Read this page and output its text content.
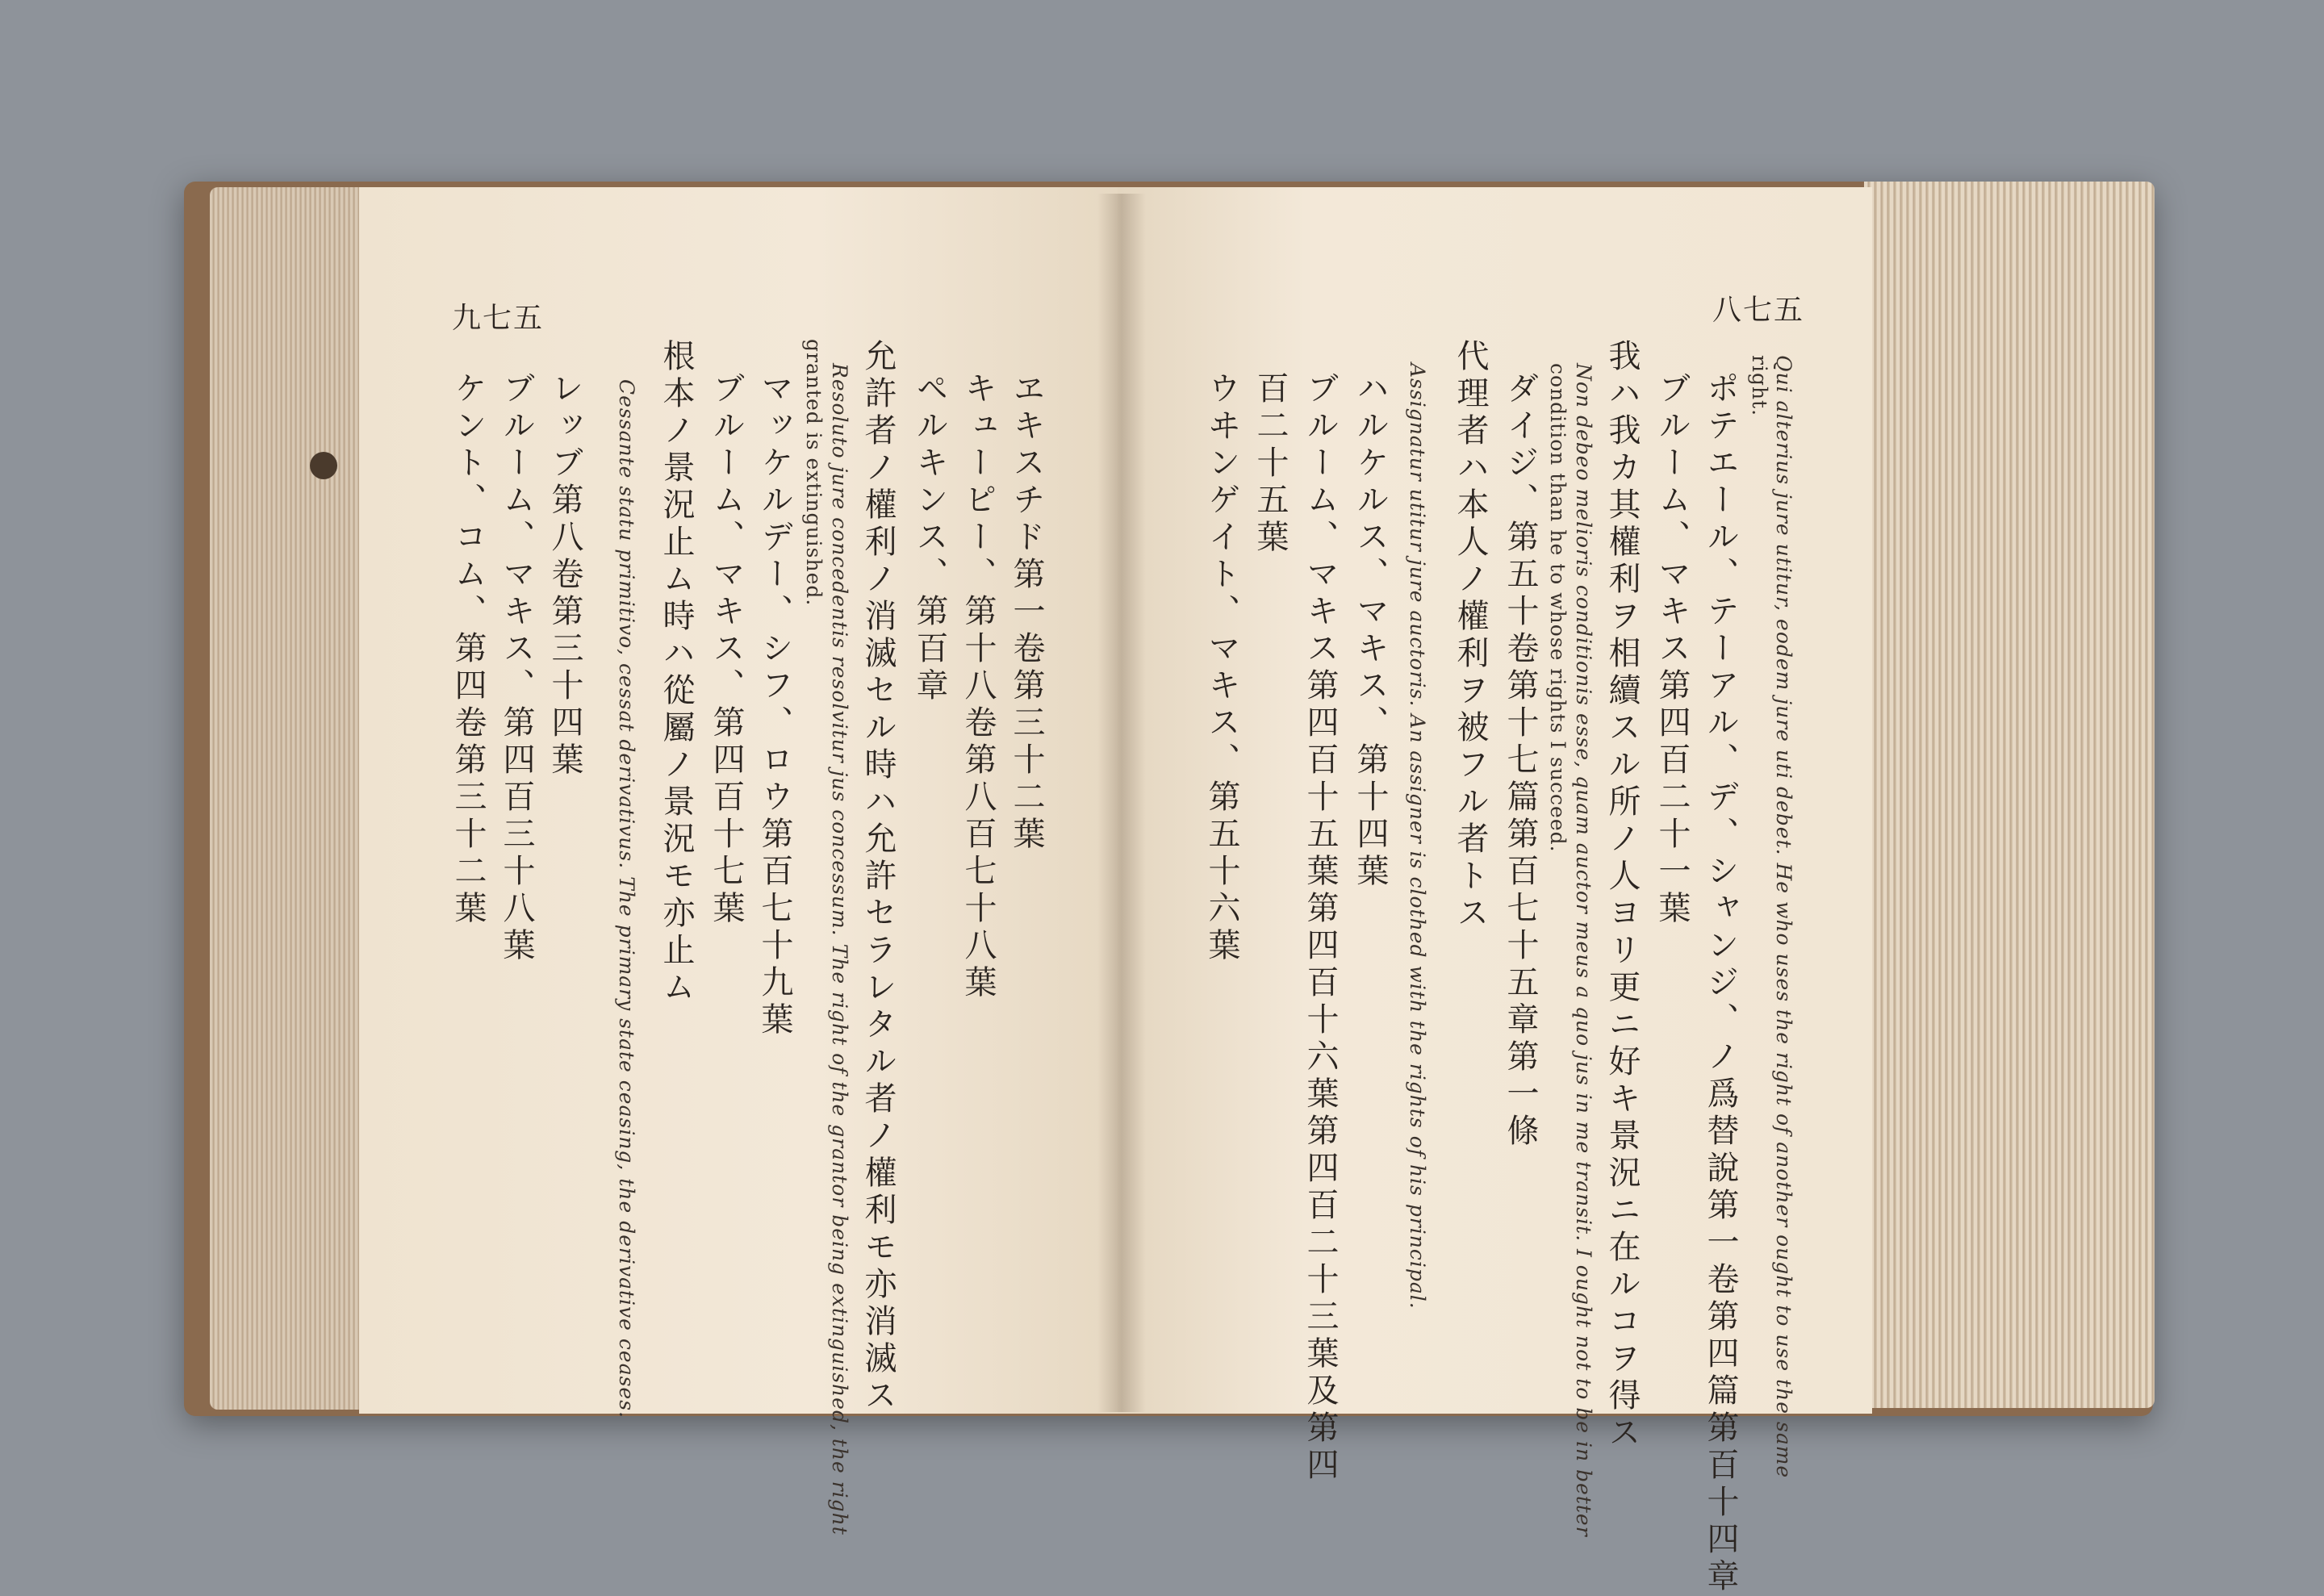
九七五	八七五
ヱキスチド第一卷第三十二葉
キューピー、第十八卷第八百七十八葉
ペルキンス、第百章
允許者ノ權利ノ消滅セル時ハ允許セラレタル者ノ權利モ亦消滅ス
Resoluto jure concedentis resolvitur jus concessum. The right of the grantor being extinguished, the right
granted is extinguished.
マッケルデー、シフ、ロウ第百七十九葉
ブルーム、マキス、第四百十七葉
根本ノ景況止ム時ハ從屬ノ景況モ亦止ム
Cessante statu primitivo, cessat derivativus. The primary state ceasing, the derivative ceases.
レッブ第八卷第三十四葉
ブルーム、マキス、第四百三十八葉
ケント、コム、第四卷第三十二葉	Qui alterius jure utitur, eodem jure uti debet. He who uses the right of another ought to use the same
right.
ポテエール、テーアル、デ、シャンジ、ノ爲替說第一卷第四篇第百十四章
ブルーム、マキス第四百二十一葉
我ハ我カ其權利ヲ相續スル所ノ人ヨリ更ニ好キ景況ニ在ルコヲ得ス
Non debeo melioris conditionis esse, quam auctor meus a quo jus in me transit. I ought not to be in better
condition than he to whose rights I succeed.
ダイジ、第五十卷第十七篇第百七十五章第一條
代理者ハ本人ノ權利ヲ被フル者トス
Assignatur utitur jure auctoris. An assigner is clothed with the rights of his principal.
ハルケルス、マキス、第十四葉
ブルーム、マキス第四百十五葉第四百十六葉第四百二十三葉及第四
百二十五葉
ウヰンゲイト、マキス、第五十六葉
